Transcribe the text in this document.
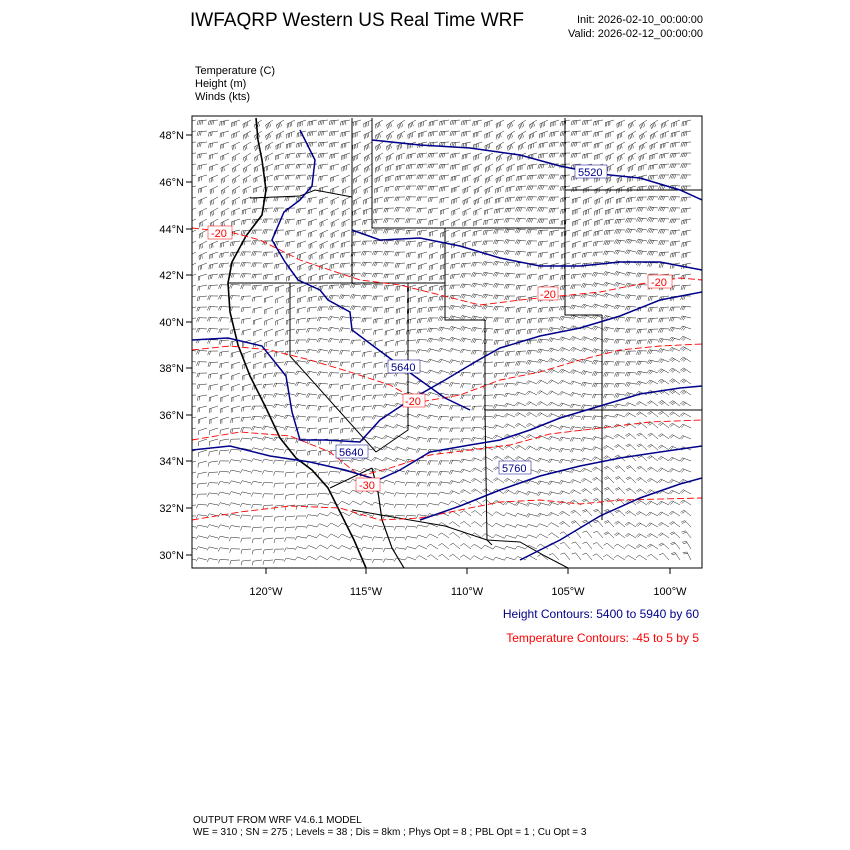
IWFAQRP Western US Real Time WRF	Init: 2026-02-10_00:00:00
Valid: 2026-02-12_00:00:00
Temperature (C)
Height (m)
Winds (kts)
5520
5640
5640
5760
-20
-20
-20
-20
-30
48°N
46°N
44°N
42°N
40°N
38°N
36°N
34°N
32°N
30°N
120°W	115°W	110°W	105°W	100°W
Height Contours: 5400 to 5940 by 60
Temperature Contours: -45 to 5 by 5
OUTPUT FROM WRF V4.6.1 MODEL
WE = 310 ; SN = 275 ; Levels = 38 ; Dis = 8km ; Phys Opt = 8 ; PBL Opt = 1 ; Cu Opt = 3
